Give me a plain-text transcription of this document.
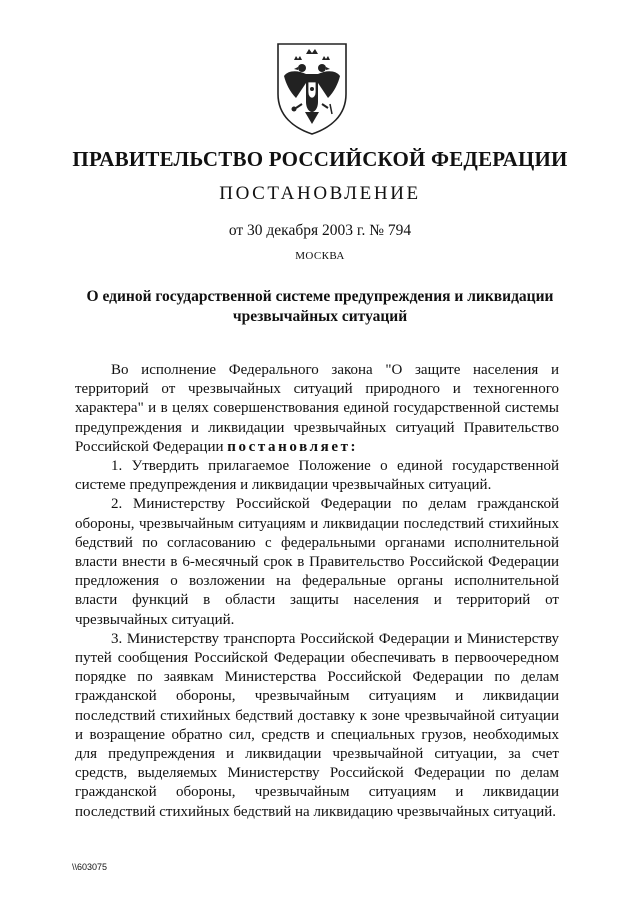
ПРАВИТЕЛЬСТВО РОССИЙСКОЙ ФЕДЕРАЦИИ
ПОСТАНОВЛЕНИЕ
от 30 декабря 2003 г. № 794
МОСКВА
О единой государственной системе предупреждения и ликвидации чрезвычайных ситуаций

Во исполнение Федерального закона "О защите населения и территорий от чрезвычайных ситуаций природного и техногенного характера" и в целях совершенствования единой государственной системы предупреждения и ликвидации чрезвычайных ситуаций Правительство Российской Федерации постановляет:

1. Утвердить прилагаемое Положение о единой государственной системе предупреждения и ликвидации чрезвычайных ситуаций.

2. Министерству Российской Федерации по делам гражданской обороны, чрезвычайным ситуациям и ликвидации последствий стихийных бедствий по согласованию с федеральными органами исполнительной власти внести в 6-месячный срок в Правительство Российской Федерации предложения о возложении на федеральные органы исполнительной власти функций в области защиты населения и территорий от чрезвычайных ситуаций.

3. Министерству транспорта Российской Федерации и Министерству путей сообщения Российской Федерации обеспечивать в первоочередном порядке по заявкам Министерства Российской Федерации по делам гражданской обороны, чрезвычайным ситуациям и ликвидации последствий стихийных бедствий доставку к зоне чрезвычайной ситуации и возращение обратно сил, средств и специальных грузов, необходимых для предупреждения и ликвидации чрезвычайной ситуации, за счет средств, выделяемых Министерству Российской Федерации по делам гражданской обороны, чрезвычайным ситуациям и ликвидации последствий стихийных бедствий на ликвидацию чрезвычайных ситуаций.

\\603075
